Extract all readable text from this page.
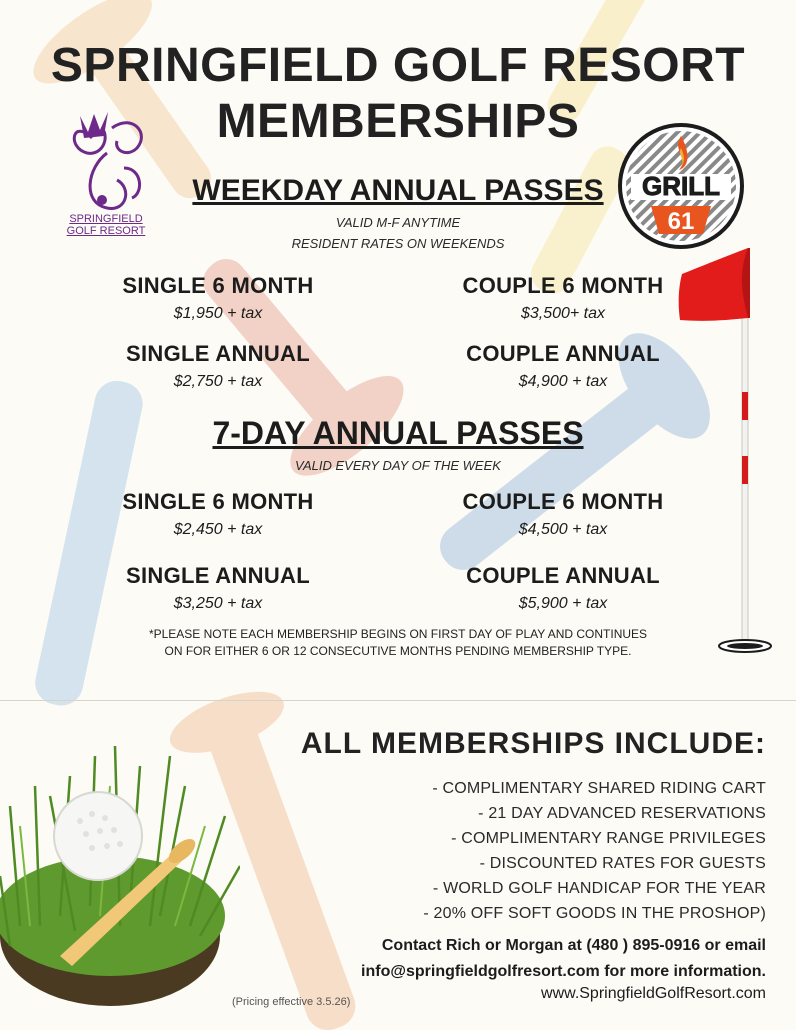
SPRINGFIELD GOLF RESORT
MEMBERSHIPS
SPRINGFIELD
GOLF RESORT
GRILL
61
WEEKDAY ANNUAL PASSES
VALID M-F ANYTIME
RESIDENT RATES ON WEEKENDS
SINGLE 6 MONTH
$1,950 + tax
COUPLE 6 MONTH
$3,500+ tax
SINGLE ANNUAL
$2,750 + tax
COUPLE ANNUAL
$4,900 + tax
7-DAY ANNUAL PASSES
VALID EVERY DAY OF THE WEEK
SINGLE 6 MONTH
$2,450 + tax
COUPLE 6 MONTH
$4,500 + tax
SINGLE ANNUAL
$3,250 + tax
COUPLE ANNUAL
$5,900 + tax
*PLEASE NOTE EACH MEMBERSHIP BEGINS ON FIRST DAY OF PLAY AND CONTINUES
ON FOR EITHER 6 OR 12 CONSECUTIVE MONTHS PENDING MEMBERSHIP TYPE.
ALL MEMBERSHIPS INCLUDE:
- COMPLIMENTARY SHARED RIDING CART
- 21 DAY ADVANCED RESERVATIONS
- COMPLIMENTARY RANGE PRIVILEGES
- DISCOUNTED RATES FOR GUESTS
- WORLD GOLF HANDICAP FOR THE YEAR
- 20% OFF SOFT GOODS IN THE PROSHOP)
Contact Rich or Morgan at (480 ) 895-0916 or email
info@springfieldgolfresort.com for more information.
www.SpringfieldGolfResort.com
(Pricing effective 3.5.26)
